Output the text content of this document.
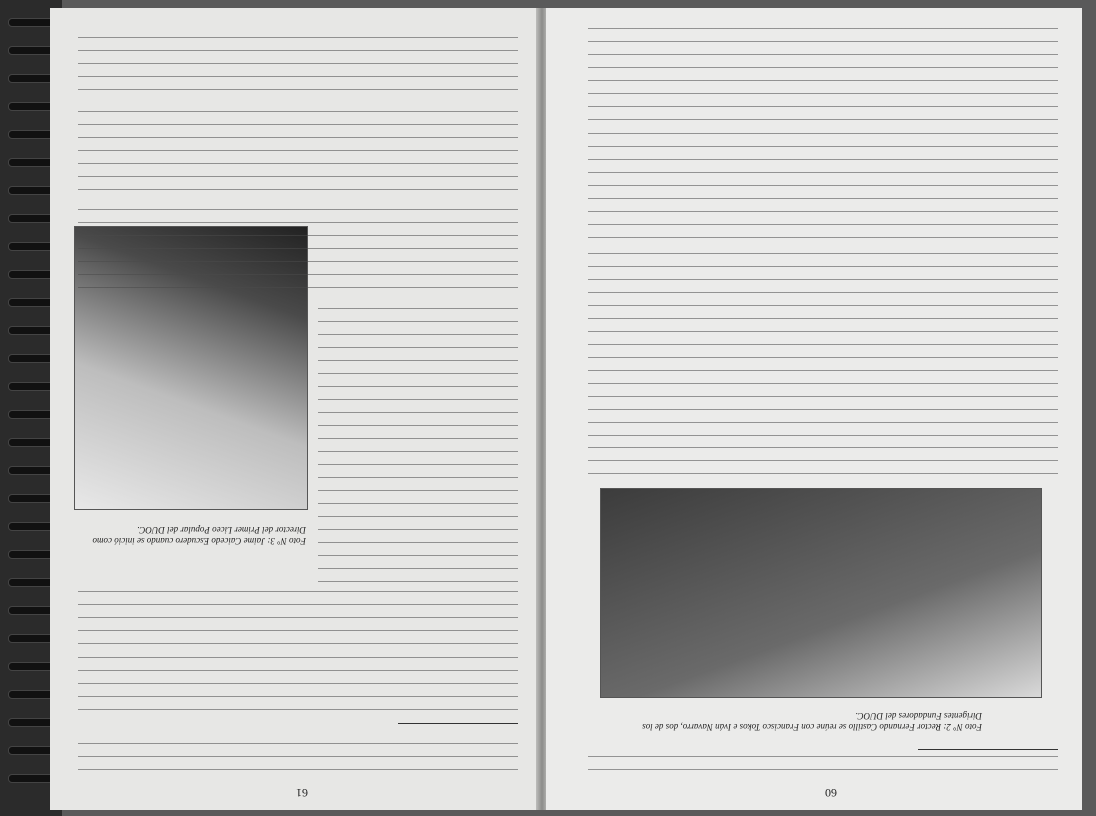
61
Foto N° 3: Jaime Caicedo Escudero cuando se inició como Director del Primer Liceo Popular del DUOC.
60
Foto N° 2: Rector Fernando Castillo se reúne con Francisco Tokos e Iván Navarro, dos de los Dirigentes Fundadores del DUOC.
